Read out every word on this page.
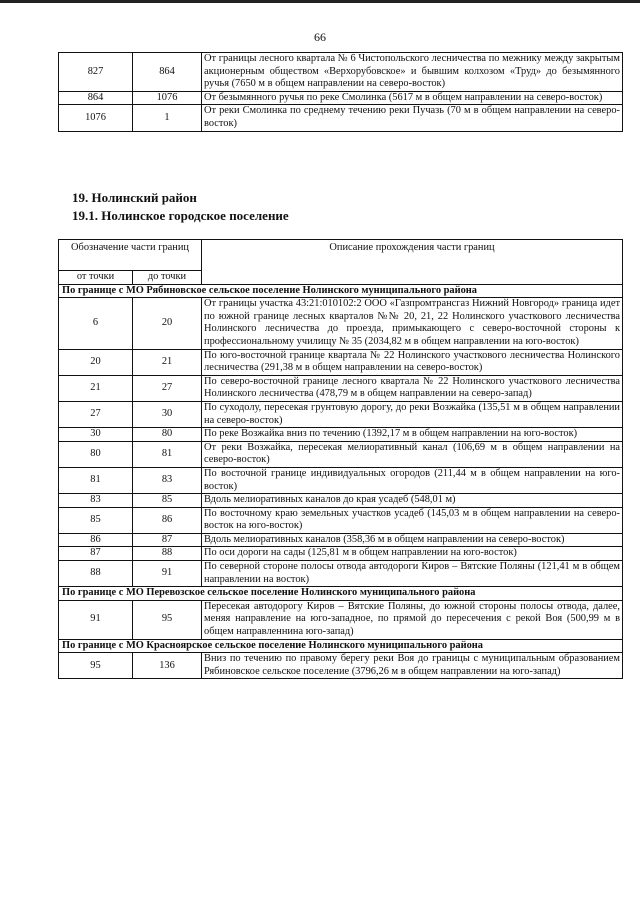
66
827	864	От границы лесного квартала № 6 Чистопольского лесничества по межнику между закрытым акционерным обществом «Верхорубовское» и бывшим колхозом «Труд» до безымянного ручья (7650 м в общем направлении на северо-восток)
864	1076	От безымянного ручья по реке Смолинка (5617 м в общем направлении на северо-восток)
1076	1	От реки Смолинка по среднему течению реки Пучазь (70 м в общем направлении на северо-восток)
19. Нолинский район
19.1. Нолинское городское поселение
Обозначение части границ		Описание прохождения части границ
от точки	до точки	
По границе с МО Рябиновское сельское поселение Нолинского муниципального района		
6	20	От границы участка 43:21:010102:2 ООО «Газпромтрансгаз Нижний Новгород» граница идет по южной границе лесных кварталов №№ 20, 21, 22 Нолинского участкового лесничества Нолинского лесничества до проезда, примыкающего с северо-восточной стороны к профессиональному училищу № 35 (2034,82 м в общем направлении на юго-восток)
20	21	По юго-восточной границе квартала № 22 Нолинского участкового лесничества Нолинского лесничества (291,38 м в общем направлении на северо-восток)
21	27	По северо-восточной границе лесного квартала № 22 Нолинского участкового лесничества Нолинского лесничества (478,79 м в общем направлении на северо-запад)
27	30	По суходолу, пересекая грунтовую дорогу, до реки Возжайка (135,51 м в общем направлении на северо-восток)
30	80	По реке Возжайка вниз по течению (1392,17 м в общем направлении на юго-восток)
80	81	От реки Возжайка, пересекая мелиоративный канал (106,69 м в общем направлении на северо-восток)
81	83	По восточной границе индивидуальных огородов (211,44 м в общем направлении на юго-восток)
83	85	Вдоль мелиоративных каналов до края усадеб (548,01 м)
85	86	По восточному краю земельных участков усадеб (145,03 м в общем направлении на северо-восток на юго-восток)
86	87	Вдоль мелиоративных каналов (358,36 м в общем направлении на северо-восток)
87	88	По оси дороги на сады (125,81 м в общем направлении на юго-восток)
88	91	По северной стороне полосы отвода автодороги Киров – Вятские Поляны (121,41 м в общем направлении на восток)
По границе с МО Перевозское сельское поселение Нолинского муниципального района		
91	95	Пересекая автодорогу Киров – Вятские Поляны, до южной стороны полосы отвода, далее, меняя направление на юго-западное, по прямой до пересечения с рекой Воя (500,99 м в общем направленнина юго-запад)
По границе с МО Красноярское сельское поселение Нолинского муниципального района		
95	136	Вниз по течению по правому берегу реки Воя до границы с муниципальным образованием Рябиновское сельское поселение (3796,26 м в общем направлении на юго-запад)
